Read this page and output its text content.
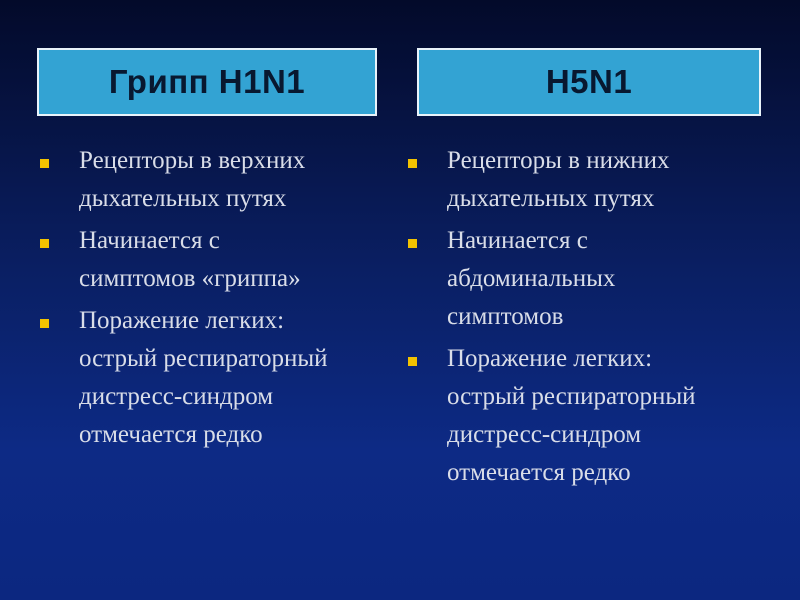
Грипп H1N1	H5N1
Рецепторы в верхних
дыхательных путях
Начинается с
симптомов «гриппа»
Поражение легких:
острый респираторный
дистресс-синдром
отмечается редко
Рецепторы в нижних
дыхательных путях
Начинается с
абдоминальных
симптомов
Поражение легких:
острый респираторный
дистресс-синдром
отмечается редко
